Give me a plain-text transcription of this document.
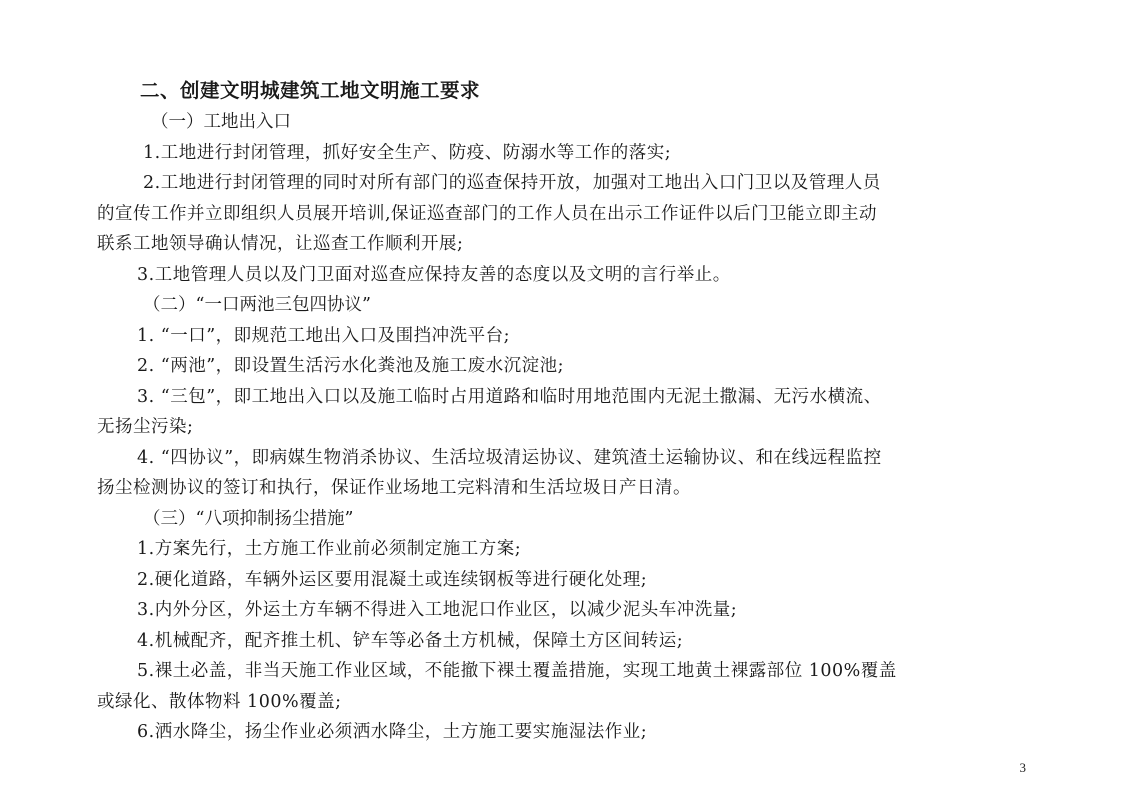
二、创建文明城建筑工地文明施工要求
（一）工地出入口
1.工地进行封闭管理，抓好安全生产、防疫、防溺水等工作的落实;
2.工地进行封闭管理的同时对所有部门的巡查保持开放，加强对工地出入口门卫以及管理人员
的宣传工作并立即组织人员展开培训,保证巡查部门的工作人员在出示工作证件以后门卫能立即主动
联系工地领导确认情况，让巡查工作顺利开展;
3.工地管理人员以及门卫面对巡查应保持友善的态度以及文明的言行举止。
（二）“一口两池三包四协议”
1. “一口”，即规范工地出入口及围挡冲洗平台;
2. “两池”，即设置生活污水化粪池及施工废水沉淀池;
3. “三包”，即工地出入口以及施工临时占用道路和临时用地范围内无泥土撒漏、无污水横流、
无扬尘污染;
4. “四协议”，即病媒生物消杀协议、生活垃圾清运协议、建筑渣土运输协议、和在线远程监控
扬尘检测协议的签订和执行，保证作业场地工完料清和生活垃圾日产日清。
（三）“八项抑制扬尘措施”
1.方案先行，土方施工作业前必须制定施工方案;
2.硬化道路，车辆外运区要用混凝土或连续钢板等进行硬化处理;
3.内外分区，外运土方车辆不得进入工地泥口作业区，以减少泥头车冲洗量;
4.机械配齐，配齐推土机、铲车等必备土方机械，保障土方区间转运;
5.裸土必盖，非当天施工作业区域，不能撤下裸土覆盖措施，实现工地黄土裸露部位 100%覆盖
或绿化、散体物料 100%覆盖;
6.洒水降尘，扬尘作业必须洒水降尘，土方施工要实施湿法作业;
3
